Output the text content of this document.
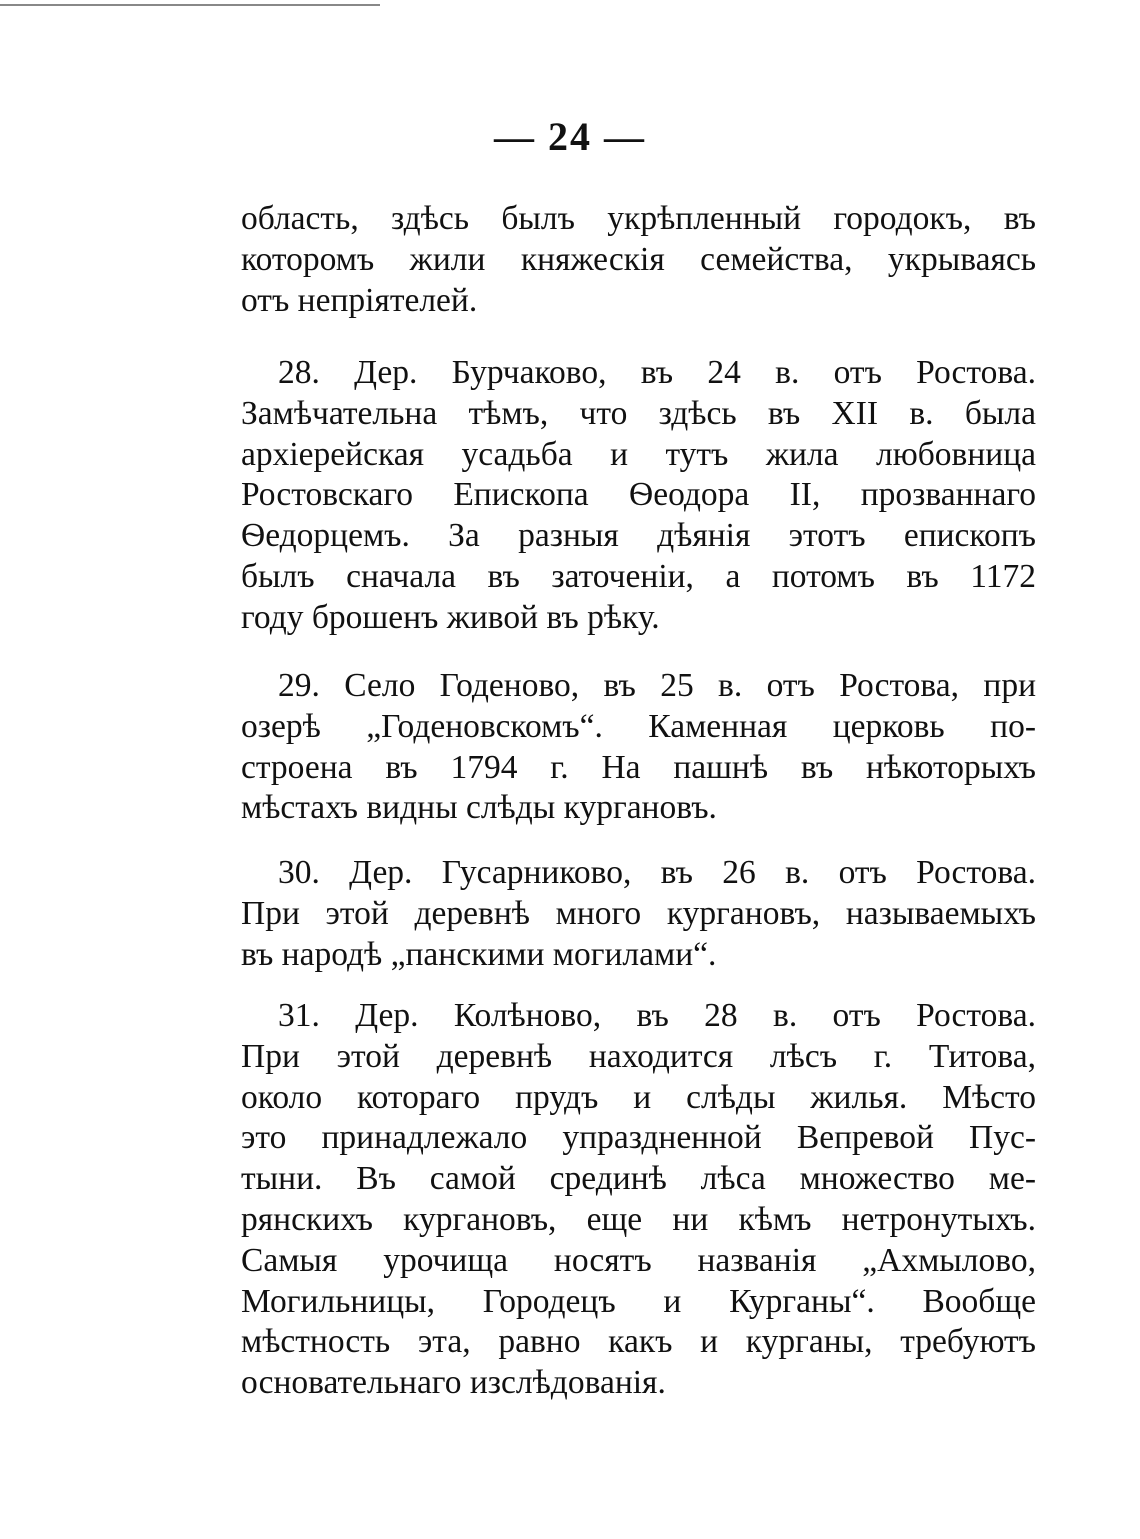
— 24 —
область, здѣсь былъ укрѣпленный городокъ, въ
которомъ жили княжескія семейства, укрываясь
отъ непріятелей.
28. Дер. Бурчаково, въ 24 в. отъ Ростова.
Замѣчательна тѣмъ, что здѣсь въ XII в. была
архіерейская усадьба и тутъ жила любовница
Ростовскаго Епископа Ѳеодора II, прозваннаго
Ѳедорцемъ. За разныя дѣянія этотъ епископъ
былъ сначала въ заточеніи, а потомъ въ 1172
году брошенъ живой въ рѣку.
29. Село Годеново, въ 25 в. отъ Ростова, при
озерѣ „Годеновскомъ“. Каменная церковь по-
строена въ 1794 г. На пашнѣ въ нѣкоторыхъ
мѣстахъ видны слѣды кургановъ.
30. Дер. Гусарниково, въ 26 в. отъ Ростова.
При этой деревнѣ много кургановъ, называемыхъ
въ народѣ „панскими могилами“.
31. Дер. Колѣново, въ 28 в. отъ Ростова.
При этой деревнѣ находится лѣсъ г. Титова,
около котораго прудъ и слѣды жилья. Мѣсто
это принадлежало упраздненной Вепревой Пус-
тыни. Въ самой срединѣ лѣса множество ме-
рянскихъ кургановъ, еще ни кѣмъ нетронутыхъ.
Самыя урочища носятъ названія „Ахмылово,
Могильницы, Городецъ и Курганы“. Вообще
мѣстность эта, равно какъ и курганы, требуютъ
основательнаго изслѣдованія.
